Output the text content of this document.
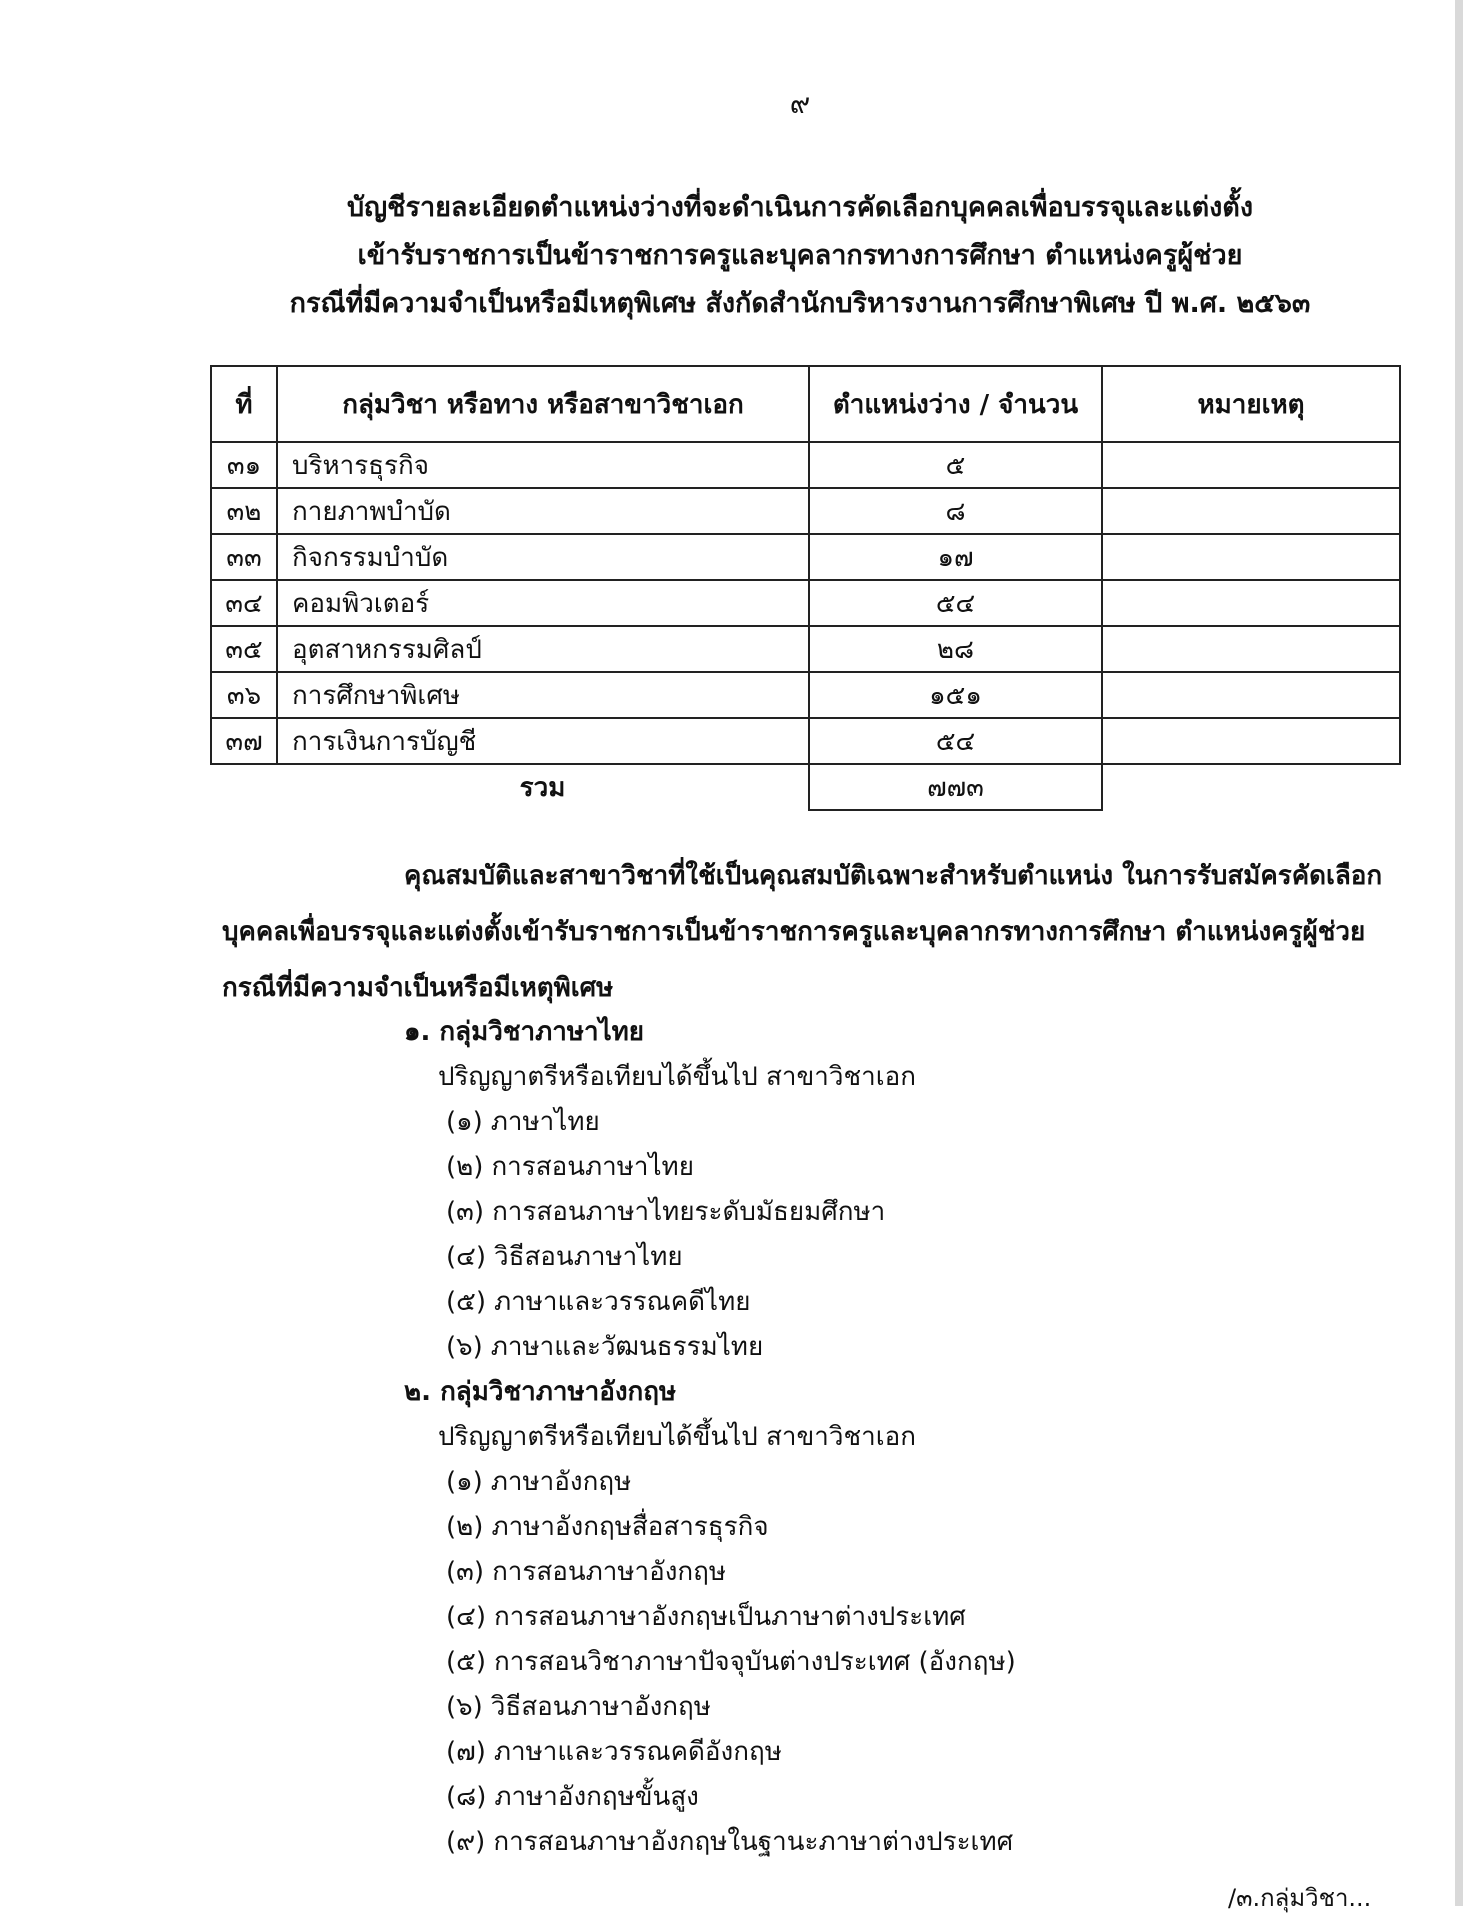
๙
บัญชีรายละเอียดตำแหน่งว่างที่จะดำเนินการคัดเลือกบุคคลเพื่อบรรจุและแต่งตั้ง
เข้ารับราชการเป็นข้าราชการครูและบุคลากรทางการศึกษา ตำแหน่งครูผู้ช่วย
กรณีที่มีความจำเป็นหรือมีเหตุพิเศษ สังกัดสำนักบริหารงานการศึกษาพิเศษ ปี พ.ศ. ๒๕๖๓
ที่	กลุ่มวิชา หรือทาง หรือสาขาวิชาเอก	ตำแหน่งว่าง / จำนวน	หมายเหตุ
๓๑	บริหารธุรกิจ	๕	
๓๒	กายภาพบำบัด	๘	
๓๓	กิจกรรมบำบัด	๑๗	
๓๔	คอมพิวเตอร์	๕๔	
๓๕	อุตสาหกรรมศิลป์	๒๘	
๓๖	การศึกษาพิเศษ	๑๕๑	
๓๗	การเงินการบัญชี	๕๔	
	รวม	๗๗๓	
คุณสมบัติและสาขาวิชาที่ใช้เป็นคุณสมบัติเฉพาะสำหรับตำแหน่ง ในการรับสมัครคัดเลือก
บุคคลเพื่อบรรจุและแต่งตั้งเข้ารับราชการเป็นข้าราชการครูและบุคลากรทางการศึกษา ตำแหน่งครูผู้ช่วย
กรณีที่มีความจำเป็นหรือมีเหตุพิเศษ
๑. กลุ่มวิชาภาษาไทย
ปริญญาตรีหรือเทียบได้ขึ้นไป สาขาวิชาเอก
(๑) ภาษาไทย
(๒) การสอนภาษาไทย
(๓) การสอนภาษาไทยระดับมัธยมศึกษา
(๔) วิธีสอนภาษาไทย
(๕) ภาษาและวรรณคดีไทย
(๖) ภาษาและวัฒนธรรมไทย
๒. กลุ่มวิชาภาษาอังกฤษ
ปริญญาตรีหรือเทียบได้ขึ้นไป สาขาวิชาเอก
(๑) ภาษาอังกฤษ
(๒) ภาษาอังกฤษสื่อสารธุรกิจ
(๓) การสอนภาษาอังกฤษ
(๔) การสอนภาษาอังกฤษเป็นภาษาต่างประเทศ
(๕) การสอนวิชาภาษาปัจจุบันต่างประเทศ (อังกฤษ)
(๖) วิธีสอนภาษาอังกฤษ
(๗) ภาษาและวรรณคดีอังกฤษ
(๘) ภาษาอังกฤษขั้นสูง
(๙) การสอนภาษาอังกฤษในฐานะภาษาต่างประเทศ
/๓.กลุ่มวิชา...
